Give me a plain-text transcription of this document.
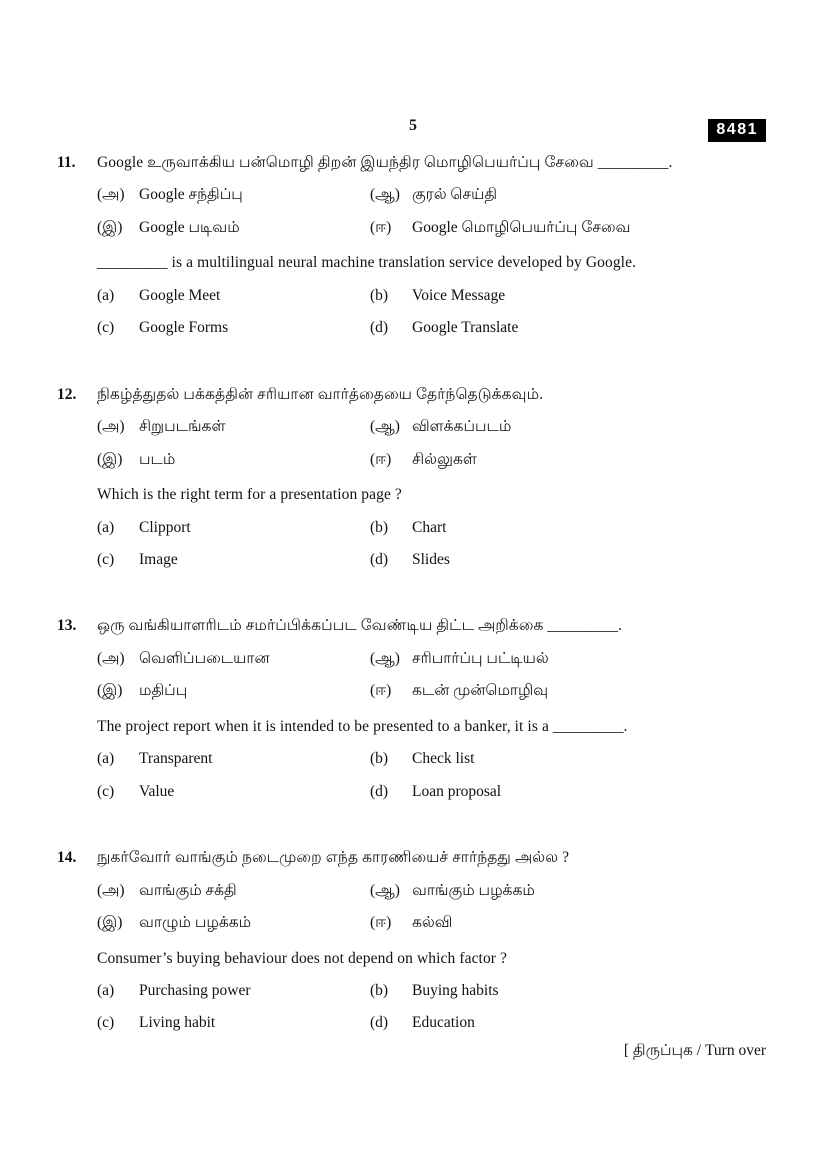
5	8481
11.	Google உருவாக்கிய பன்மொழி திறன் இயந்திர மொழிபெயர்ப்பு சேவை _________.
(அ) Google சந்திப்பு	(ஆ) குரல் செய்தி
(இ)	Google படிவம்	(ஈ)	Google மொழிபெயர்ப்பு சேவை
_________ is a multilingual neural machine translation service developed by Google.
(a)	Google Meet	(b)	Voice Message
(c)	Google Forms	(d)	Google Translate
12.	நிகழ்த்துதல் பக்கத்தின் சரியான வார்த்தையை தேர்ந்தெடுக்கவும்.
(அ) சிறுபடங்கள்	(ஆ) விளக்கப்படம்
(இ)	படம்	(ஈ)	சில்லுகள்
Which is the right term for a presentation page ?
(a)	Clipport	(b)	Chart
(c)	Image	(d)	Slides
13.	ஒரு வங்கியாளரிடம் சமர்ப்பிக்கப்பட வேண்டிய திட்ட அறிக்கை _________.
(அ) வெளிப்படையான	(ஆ) சரிபார்ப்பு பட்டியல்
(இ)	மதிப்பு	(ஈ)	கடன் முன்மொழிவு
The project report when it is intended to be presented to a banker, it is a _________.
(a)	Transparent	(b)	Check list
(c)	Value	(d)	Loan proposal
14.	நுகர்வோர் வாங்கும் நடைமுறை எந்த காரணியைச் சார்ந்தது அல்ல ?
(அ) வாங்கும் சக்தி	(ஆ) வாங்கும் பழக்கம்
(இ)	வாழும் பழக்கம்	(ஈ)	கல்வி
Consumer’s buying behaviour does not depend on which factor ?
(a)	Purchasing power	(b)	Buying habits
(c)	Living habit	(d)	Education
[ திருப்புக / Turn over
